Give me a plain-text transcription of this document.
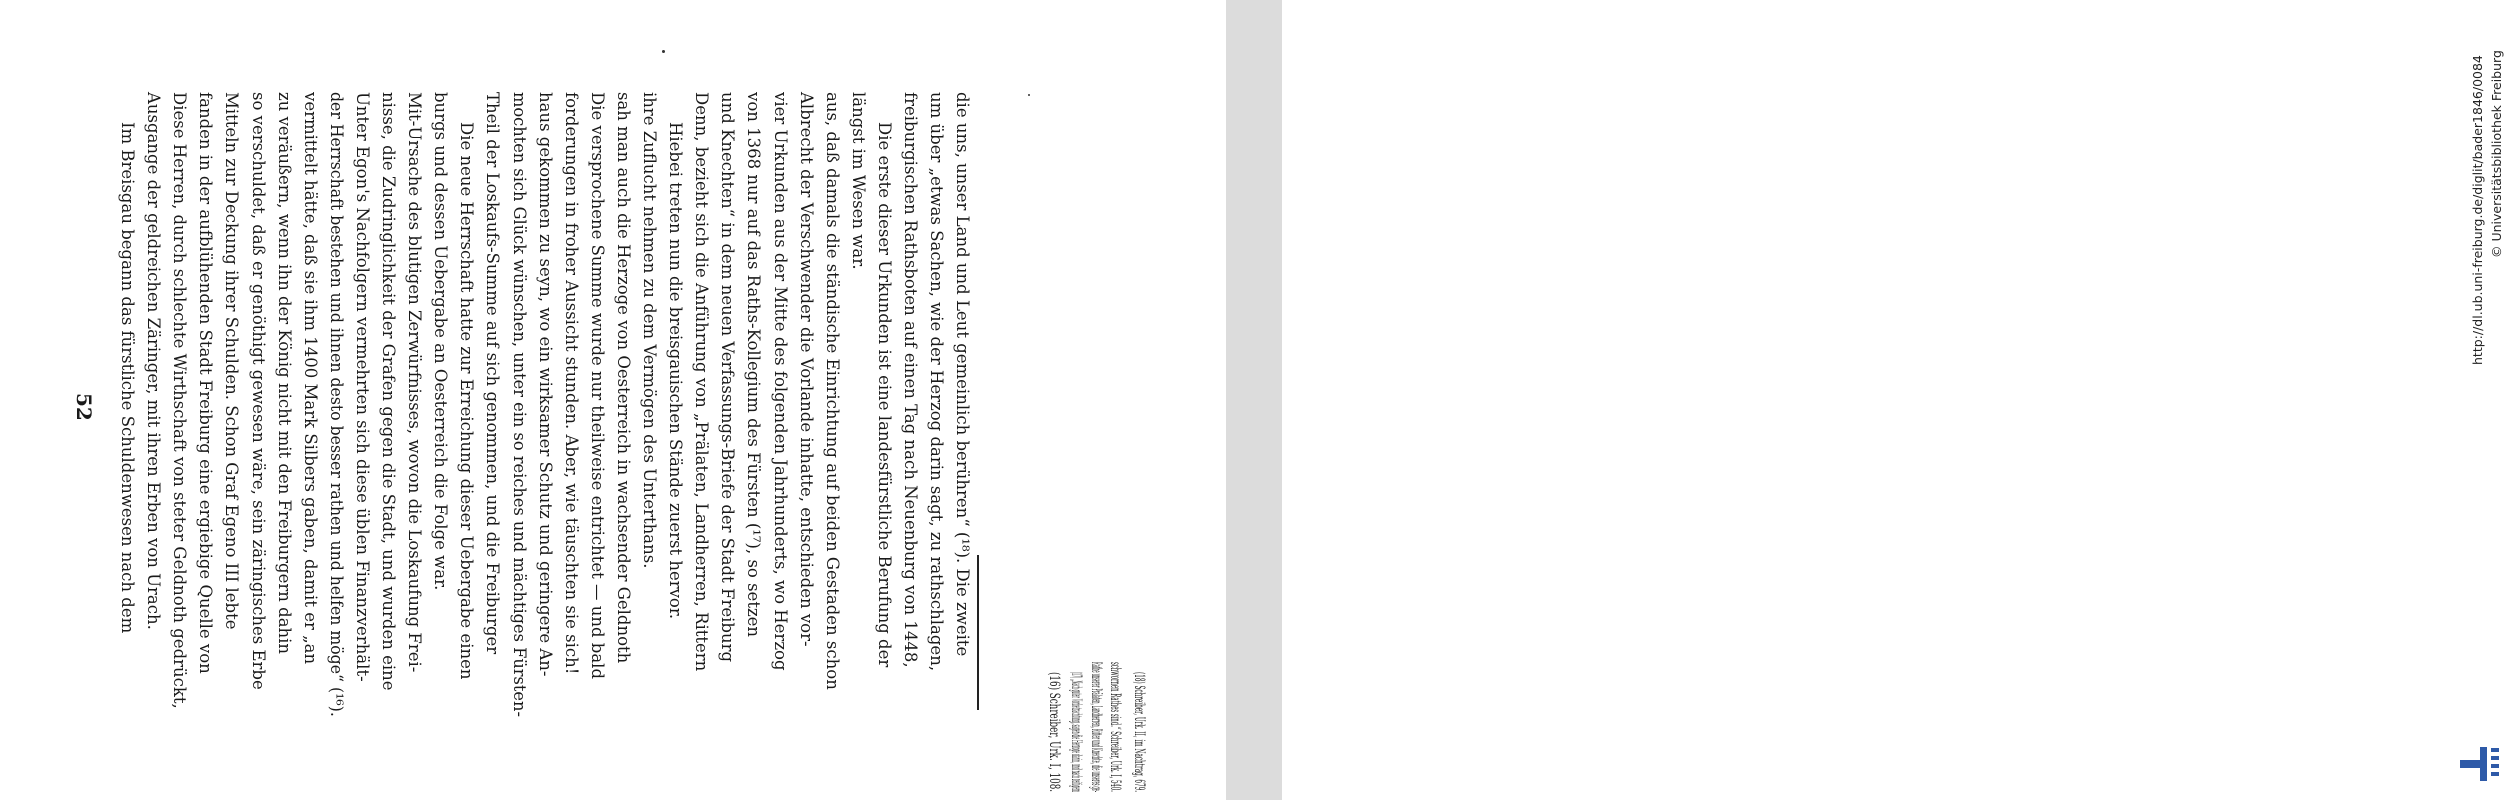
52 Im Breisgau begann das fürstliche Schuldenwesen nach dem Ausgange der geldreichen Zäringer, mit ihren Erben von Urach. Diese Herren, durch schlechte Wirthschaft von steter Geldnoth gedrückt, fanden in der aufblühenden Stadt Freiburg eine ergiebige Quelle von Mitteln zur Deckung ihrer Schulden. Schon Graf Egeno III lebte so verschuldet, daß er genöthigt gewesen wäre, sein zäringisches Erbe zu veräußern, wenn ihn der König nicht mit den Freiburgern dahin vermittelt hätte, daß sie ihm 1400 Mark Silbers gaben, damit er „an der Herrschaft bestehen und ihnen desto besser rathen und helfen möge“ (¹⁶). Unter Egon's Nachfolgern vermehrten sich diese üblen Finanzverhält- nisse, die Zudringlichkeit der Grafen gegen die Stadt, und wurden eine Mit-Ursache des blutigen Zerwürfnisses, wovon die Loskaufung Frei- burgs und dessen Uebergabe an Oesterreich die Folge war. Die neue Herrschaft hatte zur Erreichung dieser Uebergabe einen Theil der Loskaufs-Summe auf sich genommen, und die Freiburger mochten sich Glück wünschen, unter ein so reiches und mächtiges Fürsten- haus gekommen zu seyn, wo ein wirksamer Schutz und geringere An- forderungen in froher Aussicht stunden. Aber, wie täuschten sie sich! Die versprochene Summe wurde nur theilweise entrichtet — und bald sah man auch die Herzoge von Oesterreich in wachsender Geldnoth ihre Zuflucht nehmen zu dem Vermögen des Unterthans. Hiebei treten nun die breisgauischen Stände zuerst hervor. Denn, bezieht sich die Anführung von „Prälaten, Landherren, Rittern und Knechten“ in dem neuen Verfassungs-Briefe der Stadt Freiburg von 1368 nur auf das Raths-Kollegium des Fürsten (¹⁷), so setzen vier Urkunden aus der Mitte des folgenden Jahrhunderts, wo Herzog Albrecht der Verschwender die Vorlande inhatte, entschieden vor- aus, daß damals die ständische Einrichtung auf beiden Gestaden schon längst im Wesen war. Die erste dieser Urkunden ist eine landesfürstliche Berufung der freiburgischen Rathsboten auf einen Tag nach Neuenburg von 1448, um über „etwas Sachen, wie der Herzog darin sagt, zu rathschlagen, die uns, unser Land und Leut gemeinlich berühren“ (¹⁸). Die zweite
(16) Schreiber, Urk. I, 108. (17) „Nach guter Vorbetrachtung, sagen die Herzoge darin, und nach zeitigem Rathe unserer Prälaten, Landherren, Ritter und Knechte, die unseres ge- schwornen Rathes sind.“ Schreiber, Urk. I, 540. (18) Schreiber, Urk. II, im Nachtrag, 679.
http://dl.ub.uni-freiburg.de/diglit/bader1846/0084 © Universitätsbibliothek Freiburg
